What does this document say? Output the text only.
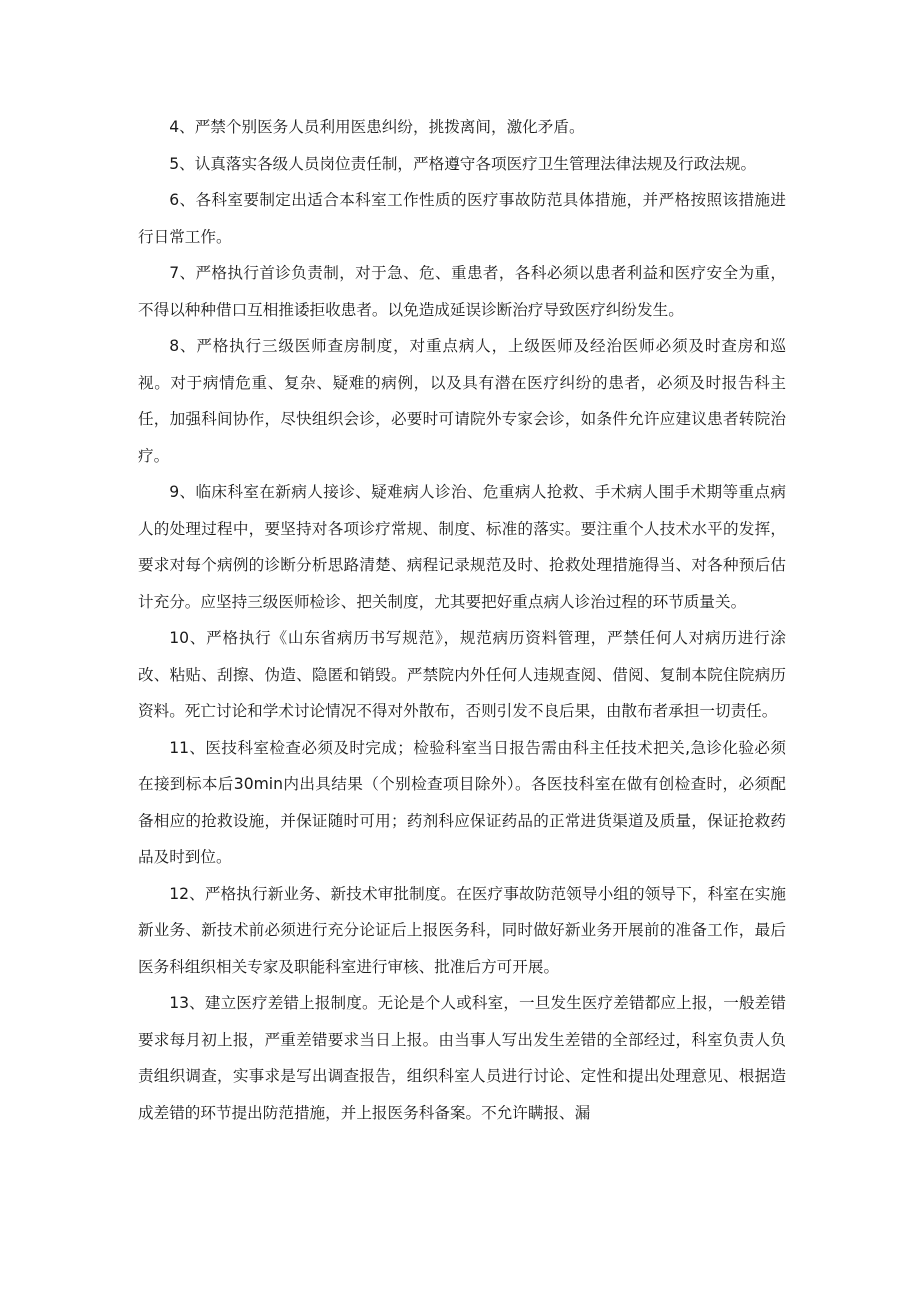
4、严禁个别医务人员利用医患纠纷，挑拨离间，激化矛盾。

5、认真落实各级人员岗位责任制，严格遵守各项医疗卫生管理法律法规及行政法规。

6、各科室要制定出适合本科室工作性质的医疗事故防范具体措施，并严格按照该措施进行日常工作。

7、严格执行首诊负责制，对于急、危、重患者，各科必须以患者利益和医疗安全为重，不得以种种借口互相推诿拒收患者。以免造成延误诊断治疗导致医疗纠纷发生。

8、严格执行三级医师查房制度，对重点病人，上级医师及经治医师必须及时查房和巡视。对于病情危重、复杂、疑难的病例，以及具有潜在医疗纠纷的患者，必须及时报告科主任，加强科间协作，尽快组织会诊，必要时可请院外专家会诊，如条件允许应建议患者转院治疗。

9、临床科室在新病人接诊、疑难病人诊治、危重病人抢救、手术病人围手术期等重点病人的处理过程中，要坚持对各项诊疗常规、制度、标准的落实。要注重个人技术水平的发挥，要求对每个病例的诊断分析思路清楚、病程记录规范及时、抢救处理措施得当、对各种预后估计充分。应坚持三级医师检诊、把关制度，尤其要把好重点病人诊治过程的环节质量关。

10、严格执行《山东省病历书写规范》，规范病历资料管理，严禁任何人对病历进行涂改、粘贴、刮擦、伪造、隐匿和销毁。严禁院内外任何人违规查阅、借阅、复制本院住院病历资料。死亡讨论和学术讨论情况不得对外散布，否则引发不良后果，由散布者承担一切责任。

11、医技科室检查必须及时完成；检验科室当日报告需由科主任技术把关,急诊化验必须在接到标本后30min内出具结果（个别检查项目除外）。各医技科室在做有创检查时，必须配备相应的抢救设施，并保证随时可用；药剂科应保证药品的正常进货渠道及质量，保证抢救药品及时到位。

12、严格执行新业务、新技术审批制度。在医疗事故防范领导小组的领导下，科室在实施新业务、新技术前必须进行充分论证后上报医务科，同时做好新业务开展前的准备工作，最后医务科组织相关专家及职能科室进行审核、批准后方可开展。

13、建立医疗差错上报制度。无论是个人或科室，一旦发生医疗差错都应上报，一般差错要求每月初上报，严重差错要求当日上报。由当事人写出发生差错的全部经过，科室负责人负责组织调查，实事求是写出调查报告，组织科室人员进行讨论、定性和提出处理意见、根据造成差错的环节提出防范措施，并上报医务科备案。不允许瞒报、漏
